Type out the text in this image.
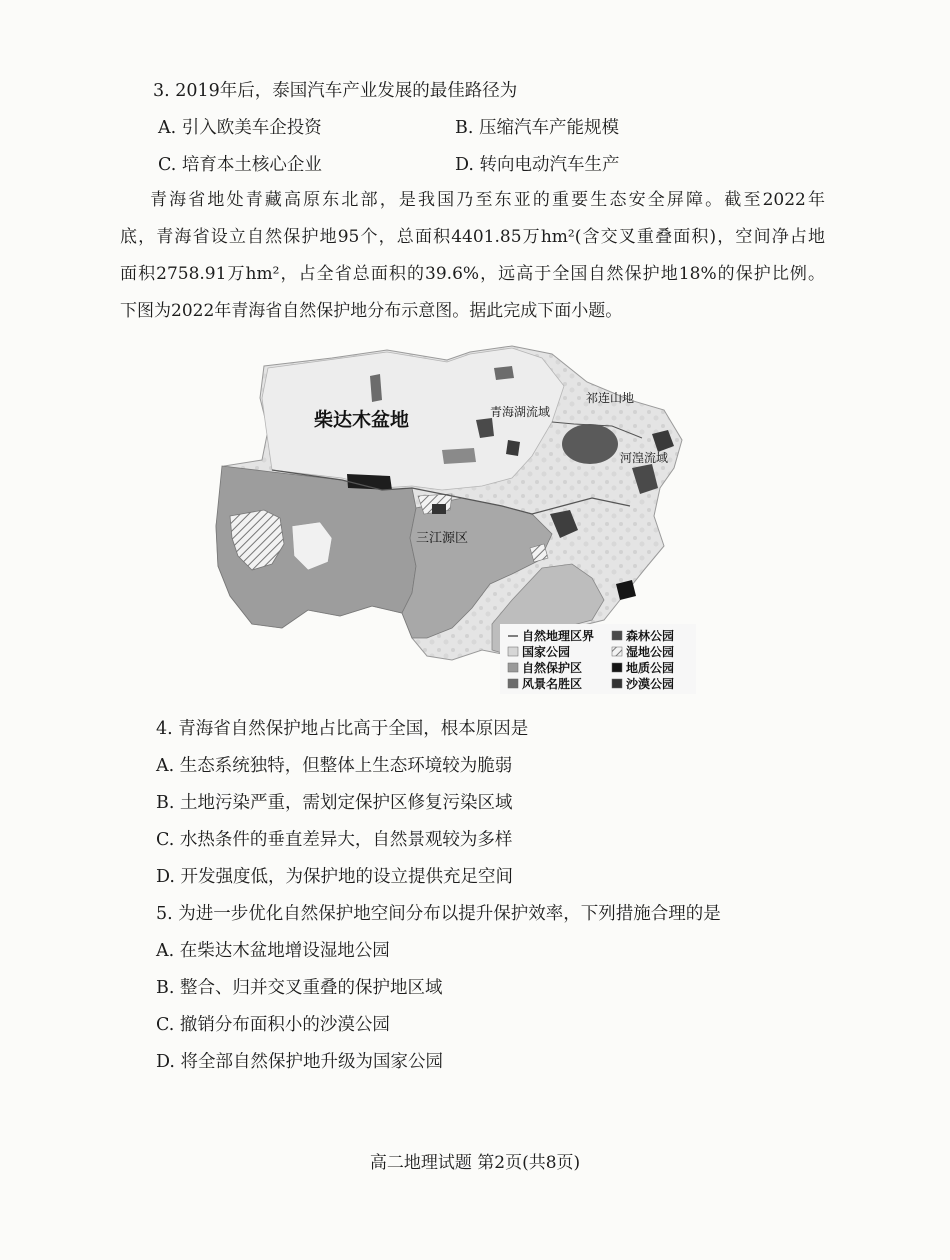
3. 2019年后，泰国汽车产业发展的最佳路径为
A. 引入欧美车企投资	B. 压缩汽车产能规模
C. 培育本土核心企业	D. 转向电动汽车生产
青海省地处青藏高原东北部，是我国乃至东亚的重要生态安全屏障。截至2022年
底，青海省设立自然保护地95个，总面积4401.85万hm²(含交叉重叠面积)，空间净占地
面积2758.91万hm²，占全省总面积的39.6%，远高于全国自然保护地18%的保护比例。
下图为2022年青海省自然保护地分布示意图。据此完成下面小题。
柴达木盆地
祁连山地
青海湖流域
河湟流域
三江源区
自然地理区界	森林公园
国家公园	湿地公园
自然保护区	地质公园
风景名胜区	沙漠公园
4. 青海省自然保护地占比高于全国，根本原因是
A. 生态系统独特，但整体上生态环境较为脆弱
B. 土地污染严重，需划定保护区修复污染区域
C. 水热条件的垂直差异大，自然景观较为多样
D. 开发强度低，为保护地的设立提供充足空间
5. 为进一步优化自然保护地空间分布以提升保护效率，下列措施合理的是
A. 在柴达木盆地增设湿地公园
B. 整合、归并交叉重叠的保护地区域
C. 撤销分布面积小的沙漠公园
D. 将全部自然保护地升级为国家公园
高二地理试题 第2页(共8页)
